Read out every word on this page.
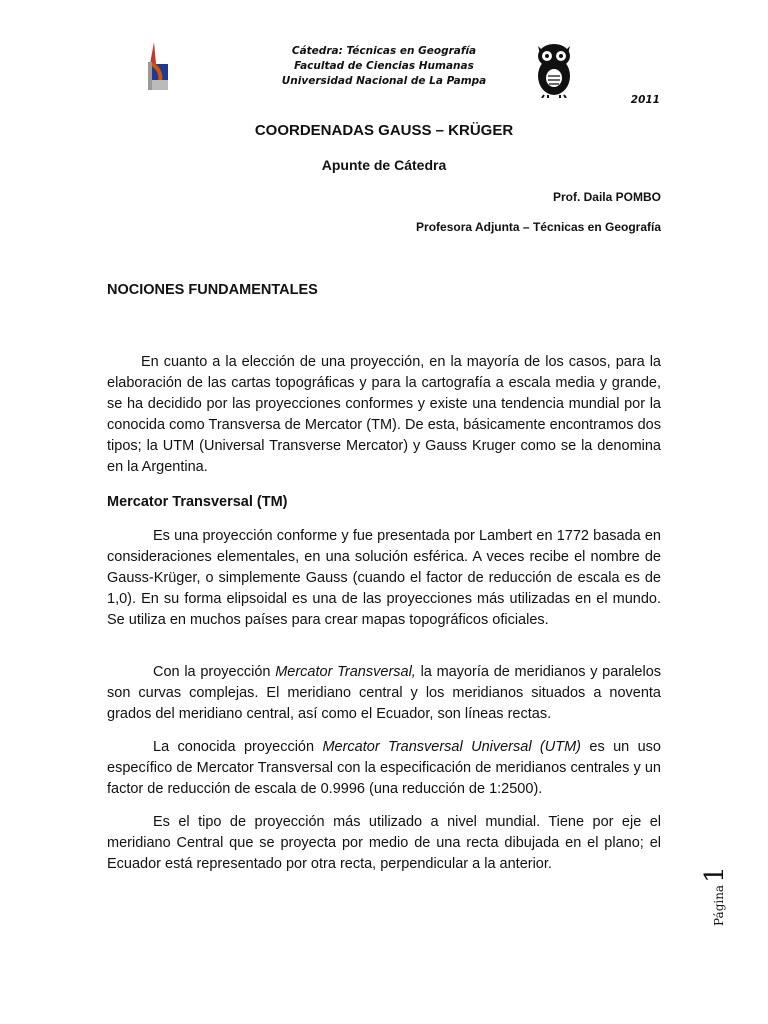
Cátedra: Técnicas en Geografía
Facultad de Ciencias Humanas
Universidad Nacional de La Pampa
2011
COORDENADAS GAUSS – KRÜGER
Apunte de Cátedra
Prof. Daila POMBO
Profesora Adjunta – Técnicas en Geografía
NOCIONES FUNDAMENTALES

En cuanto a la elección de una proyección, en la mayoría de los casos, para la elaboración de las cartas topográficas y para la cartografía a escala media y grande, se ha decidido por las proyecciones conformes y existe una tendencia mundial por la conocida como Transversa de Mercator (TM). De esta, básicamente encontramos dos tipos; la UTM (Universal Transverse Mercator) y Gauss Kruger como se la denomina en la Argentina.

Mercator Transversal (TM)

Es una proyección conforme y fue presentada por Lambert en 1772 basada en consideraciones elementales, en una solución esférica. A veces recibe el nombre de Gauss-Krüger, o simplemente Gauss (cuando el factor de reducción de escala es de 1,0). En su forma elipsoidal es una de las proyecciones más utilizadas en el mundo. Se utiliza en muchos países para crear mapas topográficos oficiales.

Con la proyección Mercator Transversal, la mayoría de meridianos y paralelos son curvas complejas. El meridiano central y los meridianos situados a noventa grados del meridiano central, así como el Ecuador, son líneas rectas.

La conocida proyección Mercator Transversal Universal (UTM) es un uso específico de Mercator Transversal con la especificación de meridianos centrales y un factor de reducción de escala de 0.9996 (una reducción de 1:2500).

Es el tipo de proyección más utilizado a nivel mundial. Tiene por eje el meridiano Central que se proyecta por medio de una recta dibujada en el plano; el Ecuador está representado por otra recta, perpendicular a la anterior.

Página1
